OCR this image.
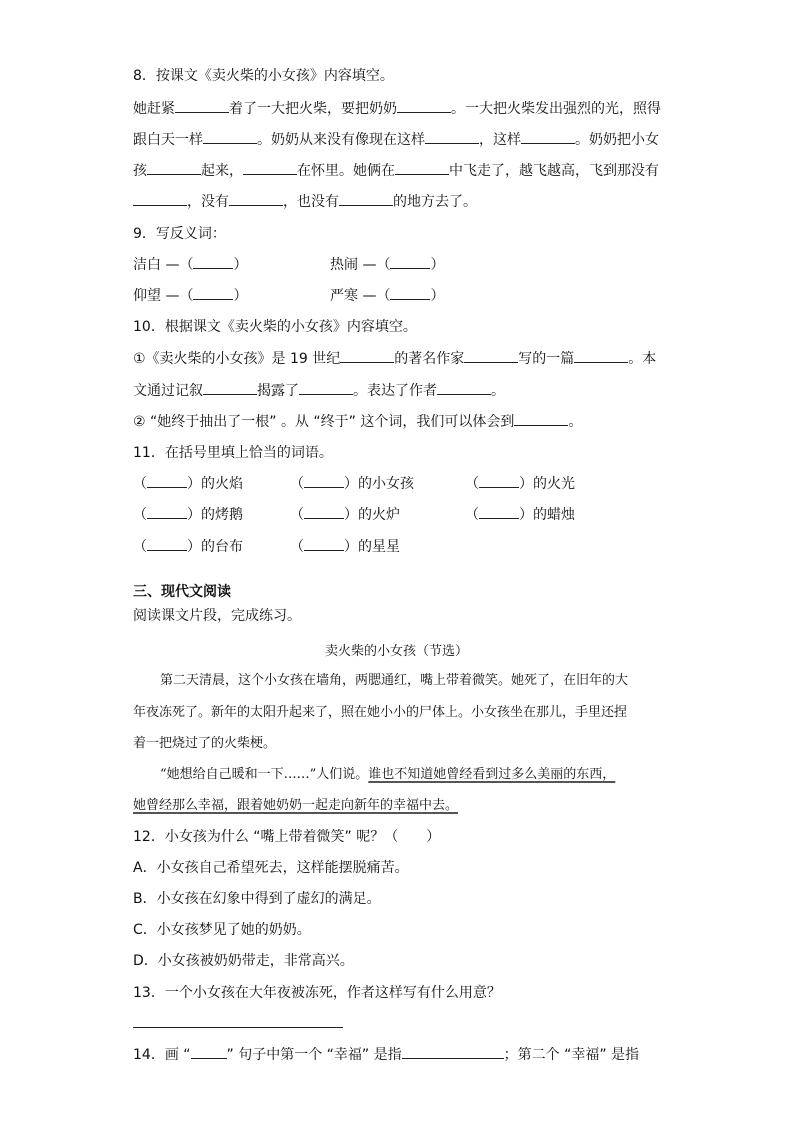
8．按课文《卖火柴的小女孩》内容填空。
她赶紧	着了一大把火柴，要把奶奶	。一大把火柴发出强烈的光，照得
跟白天一样	。奶奶从来没有像现在这样	，这样	。奶奶把小女
孩	起来，	在怀里。她俩在	中飞走了，越飞越高，飞到那没有
，没有	，也没有	的地方去了。
9．写反义词：
洁白 —（	）	热闹 —（	）
仰望 —（	）	严寒 —（	）
10．根据课文《卖火柴的小女孩》内容填空。
①《卖火柴的小女孩》是 19 世纪	的著名作家	写的一篇	。本
文通过记叙	揭露了	。表达了作者	。
② “她终于抽出了一根” 。从 “终于” 这个词，我们可以体会到	。
11．在括号里填上恰当的词语。
（	）的火焰	（	）的小女孩	（	）的火光
（	）的烤鹅	（	）的火炉	（	）的蜡烛
（	）的台布	（	）的星星
三、现代文阅读
阅读课文片段，完成练习。
卖火柴的小女孩（节选）
第二天清晨，这个小女孩在墙角，两腮通红，嘴上带着微笑。她死了，在旧年的大
年夜冻死了。新年的太阳升起来了，照在她小小的尸体上。小女孩坐在那儿，手里还捏
着一把烧过了的火柴梗。
“她想给自己暖和一下……”人们说。谁也不知道她曾经看到过多么美丽的东西，
她曾经那么幸福，跟着她奶奶一起走向新年的幸福中去。
12．小女孩为什么 “嘴上带着微笑” 呢？（　　）
A．小女孩自己希望死去，这样能摆脱痛苦。
B．小女孩在幻象中得到了虚幻的满足。
C．小女孩梦见了她的奶奶。
D．小女孩被奶奶带走，非常高兴。
13．一个小女孩在大年夜被冻死，作者这样写有什么用意？
14．画 “	” 句子中第一个 “幸福” 是指	；第二个 “幸福” 是指
